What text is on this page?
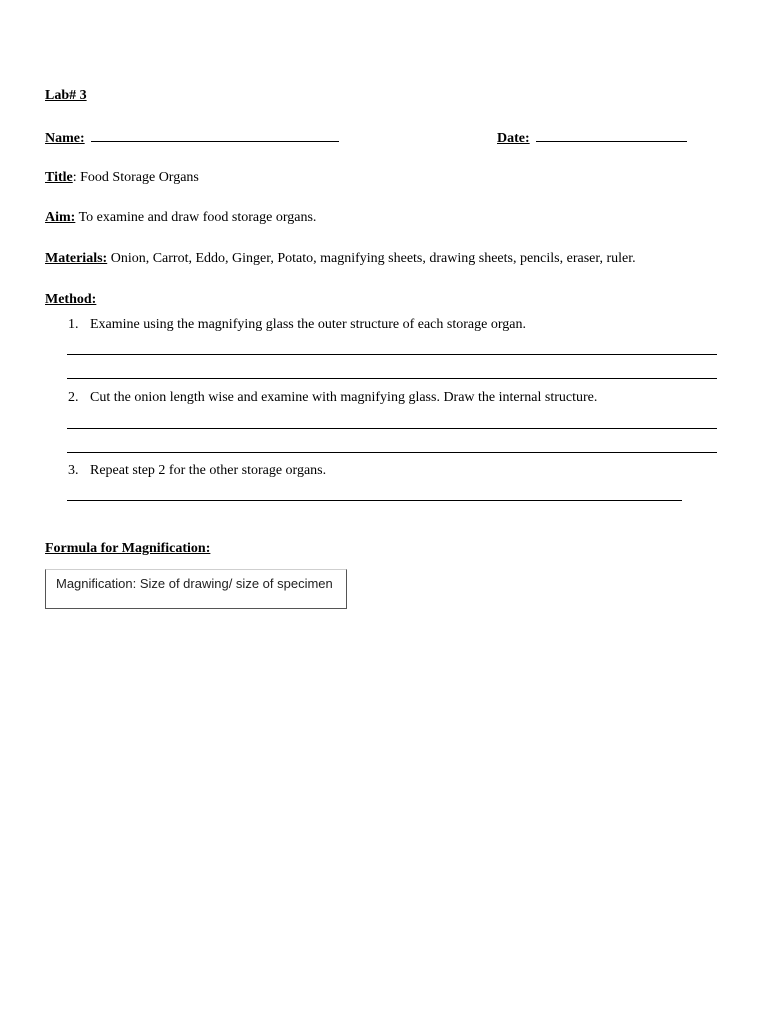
Lab# 3
Name:	Date:
Title: Food Storage Organs
Aim: To examine and draw food storage organs.
Materials: Onion, Carrot, Eddo, Ginger, Potato, magnifying sheets, drawing sheets, pencils, eraser, ruler.
Method:
1. Examine using the magnifying glass the outer structure of each storage organ.
2. Cut the onion length wise and examine with magnifying glass. Draw the internal structure.
3. Repeat step 2 for the other storage organs.
Formula for Magnification:
Magnification: Size of drawing/ size of specimen
